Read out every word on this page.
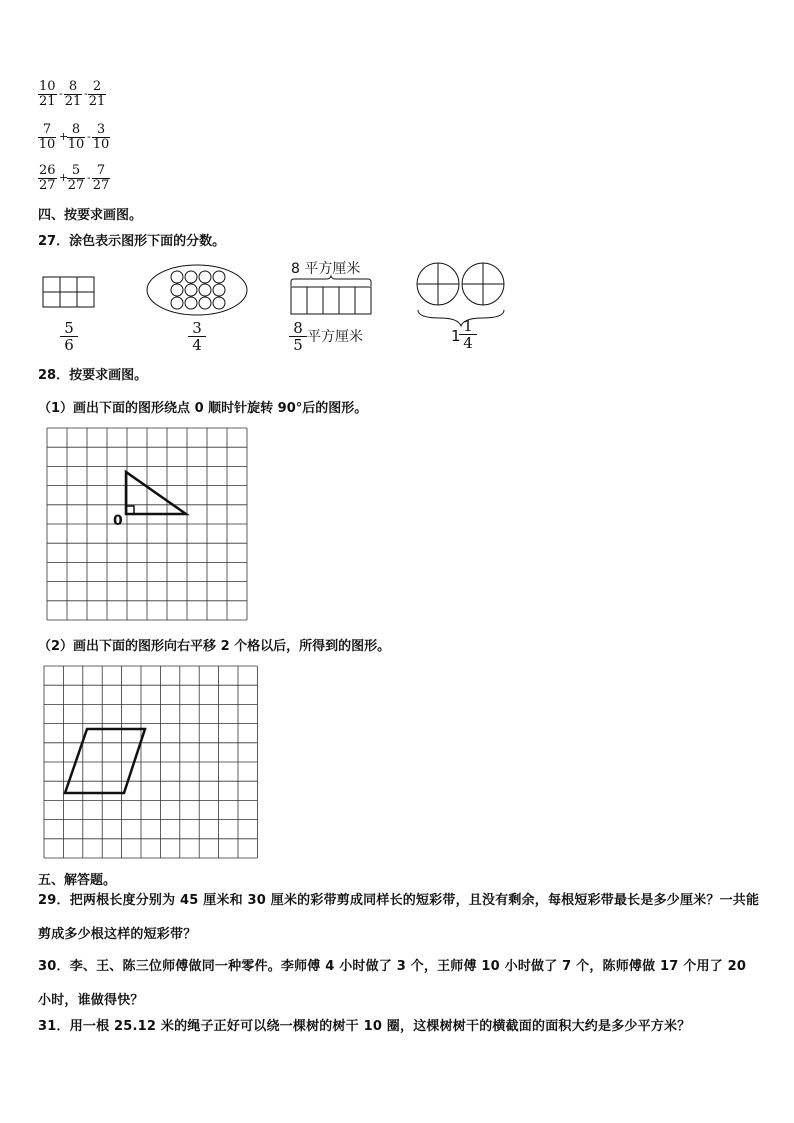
$\frac{10}{21} - \frac{8}{21} - \frac{2}{21}$
$\frac{7}{10}$ +
$\frac{8}{10} - \frac{3}{10}$
$\frac{26}{27}$ +
$\frac{5}{27} - \frac{7}{27}$
四、按要求画图。
27．涂色表示图形下面的分数。
$\frac{5}{6}$	$\frac{3}{4}$
8 平方厘米
$\frac{8}{5}$ 平方厘米	1
$\frac{1}{4}$
28．按要求画图。
（1）画出下面的图形绕点 0 顺时针旋转 90°后的图形。
0
（2）画出下面的图形向右平移 2 个格以后，所得到的图形。
五、解答题。
29．把两根长度分别为 45 厘米和 30 厘米的彩带剪成同样长的短彩带，且没有剩余，每根短彩带最长是多少厘米？一共能剪成多少根这样的短彩带？
30．李、王、陈三位师傅做同一种零件。李师傅 4 小时做了 3 个，王师傅 10 小时做了 7 个，陈师傅做 17 个用了 20 小时，谁做得快？
31．用一根 25.12 米的绳子正好可以绕一棵树的树干 10 圈，这棵树树干的横截面的面积大约是多少平方米？
